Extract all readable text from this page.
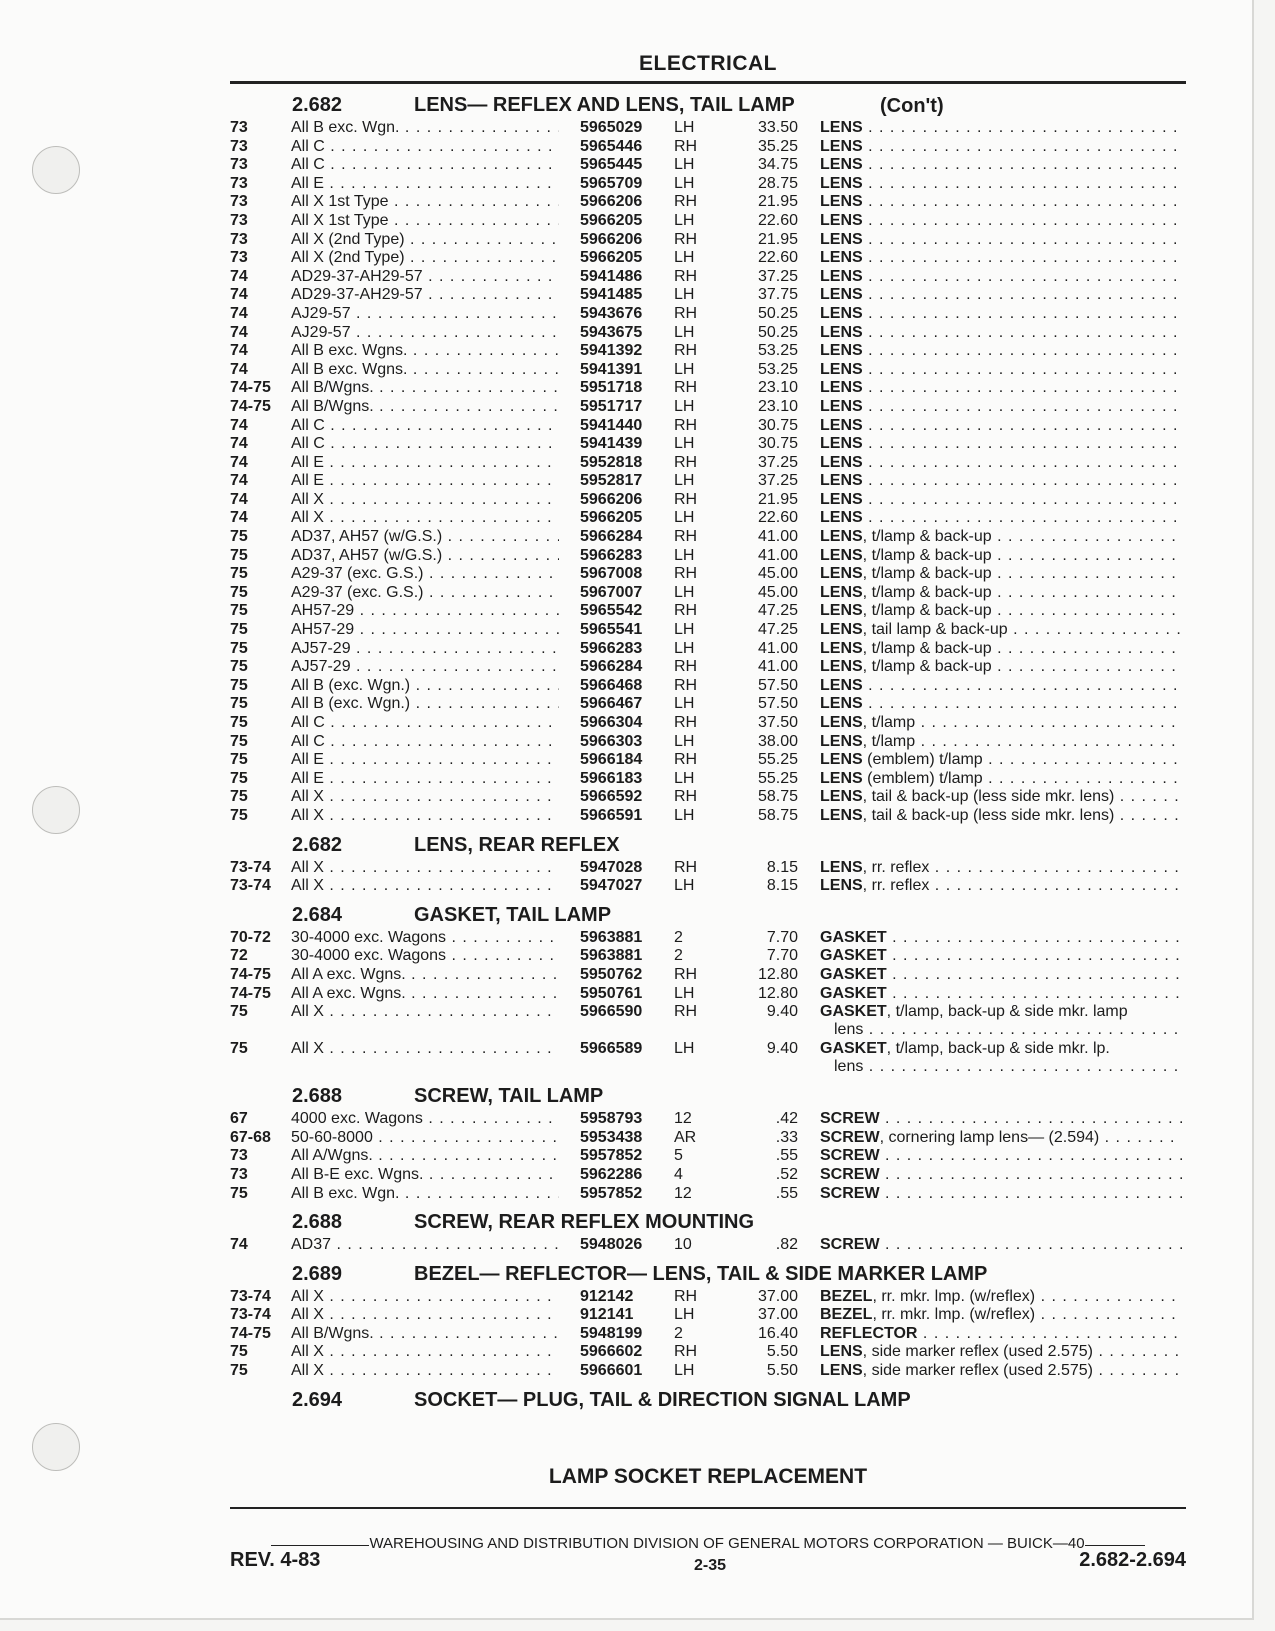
ELECTRICAL
2.682	LENS— REFLEX AND LENS, TAIL LAMP	(Con't)
73	All B exc. Wgn. . . .	5965029 LH	33.50 LENS . . .
73	All C . . .	5965446 RH	35.25 LENS . . .
73	All C . . .	5965445 LH	34.75 LENS . . .
73	All E . . .	5965709 LH	28.75 LENS . . .
73	All X 1st Type . . .	5966206 RH	21.95 LENS . . .
73	All X 1st Type . . .	5966205 LH	22.60 LENS . . .
73	All X (2nd Type) . . .	5966206 RH	21.95 LENS . . .
73	All X (2nd Type) . . .	5966205 LH	22.60 LENS . . .
74	AD29-37-AH29-57 . . .	5941486 RH	37.25 LENS . . .
74	AD29-37-AH29-57 . . .	5941485 LH	37.75 LENS . . .
74	AJ29-57 . . .	5943676 RH	50.25 LENS . . .
74	AJ29-57 . . .	5943675 LH	50.25 LENS . . .
74	All B exc. Wgns. . . .	5941392 RH	53.25 LENS . . .
74	All B exc. Wgns. . . .	5941391 LH	53.25 LENS . . .
74-75 All B/Wgns. . . .	5951718 RH	23.10 LENS . . .
74-75 All B/Wgns. . . .	5951717 LH	23.10 LENS . . .
74	All C . . .	5941440 RH	30.75 LENS . . .
74	All C . . .	5941439 LH	30.75 LENS . . .
74	All E . . .	5952818 RH	37.25 LENS . . .
74	All E . . .	5952817 LH	37.25 LENS . . .
74	All X . . .	5966206 RH	21.95 LENS . . .
74	All X . . .	5966205 LH	22.60 LENS . . .
75	AD37, AH57 (w/G.S.) . . .	5966284 RH	41.00 LENS, t/lamp & back-up . . .
75	AD37, AH57 (w/G.S.) . . .	5966283 LH	41.00 LENS, t/lamp & back-up . . .
75	A29-37 (exc. G.S.) . . .	5967008 RH	45.00 LENS, t/lamp & back-up . . .
75	A29-37 (exc. G.S.) . . .	5967007 LH	45.00 LENS, t/lamp & back-up . . .
75	AH57-29 . . .	5965542 RH	47.25 LENS, t/lamp & back-up . . .
75	AH57-29 . . .	5965541 LH	47.25 LENS, tail lamp & back-up . . .
75	AJ57-29 . . .	5966283 LH	41.00 LENS, t/lamp & back-up . . .
75	AJ57-29 . . .	5966284 RH	41.00 LENS, t/lamp & back-up . . .
75	All B (exc. Wgn.) . . .	5966468 RH	57.50 LENS . . .
75	All B (exc. Wgn.) . . .	5966467 LH	57.50 LENS . . .
75	All C . . .	5966304 RH	37.50 LENS, t/lamp . . .
75	All C . . .	5966303 LH	38.00 LENS, t/lamp . . .
75	All E . . .	5966184 RH	55.25 LENS (emblem) t/lamp . . .
75	All E . . .	5966183 LH	55.25 LENS (emblem) t/lamp . . .
75	All X . . .	5966592 RH	58.75 LENS, tail & back-up (less side mkr. lens) . . .
75	All X . . .	5966591 LH	58.75 LENS, tail & back-up (less side mkr. lens) . . .
2.682	LENS, REAR REFLEX
73-74 All X . . .	5947028 RH	8.15 LENS, rr. reflex . . .
73-74 All X . . .	5947027 LH	8.15 LENS, rr. reflex . . .
2.684	GASKET, TAIL LAMP
70-72 30-4000 exc. Wagons . . .	5963881 2	7.70 GASKET . . .
72	30-4000 exc. Wagons . . .	5963881 2	7.70 GASKET . . .
74-75 All A exc. Wgns. . . .	5950762 RH	12.80 GASKET . . .
74-75 All A exc. Wgns. . . .	5950761 LH	12.80 GASKET . . .
75	All X . . .	5966590 RH	9.40 GASKET, t/lamp, back-up & side mkr. lamp
lens . . .
75	All X . . .	5966589 LH	9.40 GASKET, t/lamp, back-up & side mkr. lp.
lens . . .
2.688	SCREW, TAIL LAMP
67	4000 exc. Wagons . . .	5958793 12	.42 SCREW . . .
67-68 50-60-8000 . . .	5953438 AR	.33 SCREW, cornering lamp lens— (2.594) . . .
73	All A/Wgns. . . .	5957852 5	.55 SCREW . . .
73	All B-E exc. Wgns. . . .	5962286 4	.52 SCREW . . .
75	All B exc. Wgn. . . .	5957852 12	.55 SCREW . . .
2.688	SCREW, REAR REFLEX MOUNTING
74	AD37 . . .	5948026 10	.82 SCREW . . .
2.689	BEZEL— REFLECTOR— LENS, TAIL & SIDE MARKER LAMP
73-74 All X . . .	912142	RH	37.00 BEZEL, rr. mkr. lmp. (w/reflex) . . .
73-74 All X . . .	912141	LH	37.00 BEZEL, rr. mkr. lmp. (w/reflex) . . .
74-75 All B/Wgns. . . .	5948199 2	16.40 REFLECTOR . . .
75	All X . . .	5966602 RH	5.50 LENS, side marker reflex (used 2.575) . . .
75	All X . . .	5966601 LH	5.50 LENS, side marker reflex (used 2.575) . . .
2.694	SOCKET— PLUG, TAIL & DIRECTION SIGNAL LAMP
LAMP SOCKET REPLACEMENT
WAREHOUSING AND DISTRIBUTION DIVISION OF GENERAL MOTORS CORPORATION — BUICK—40
REV. 4-83	2-35	2.682-2.694
